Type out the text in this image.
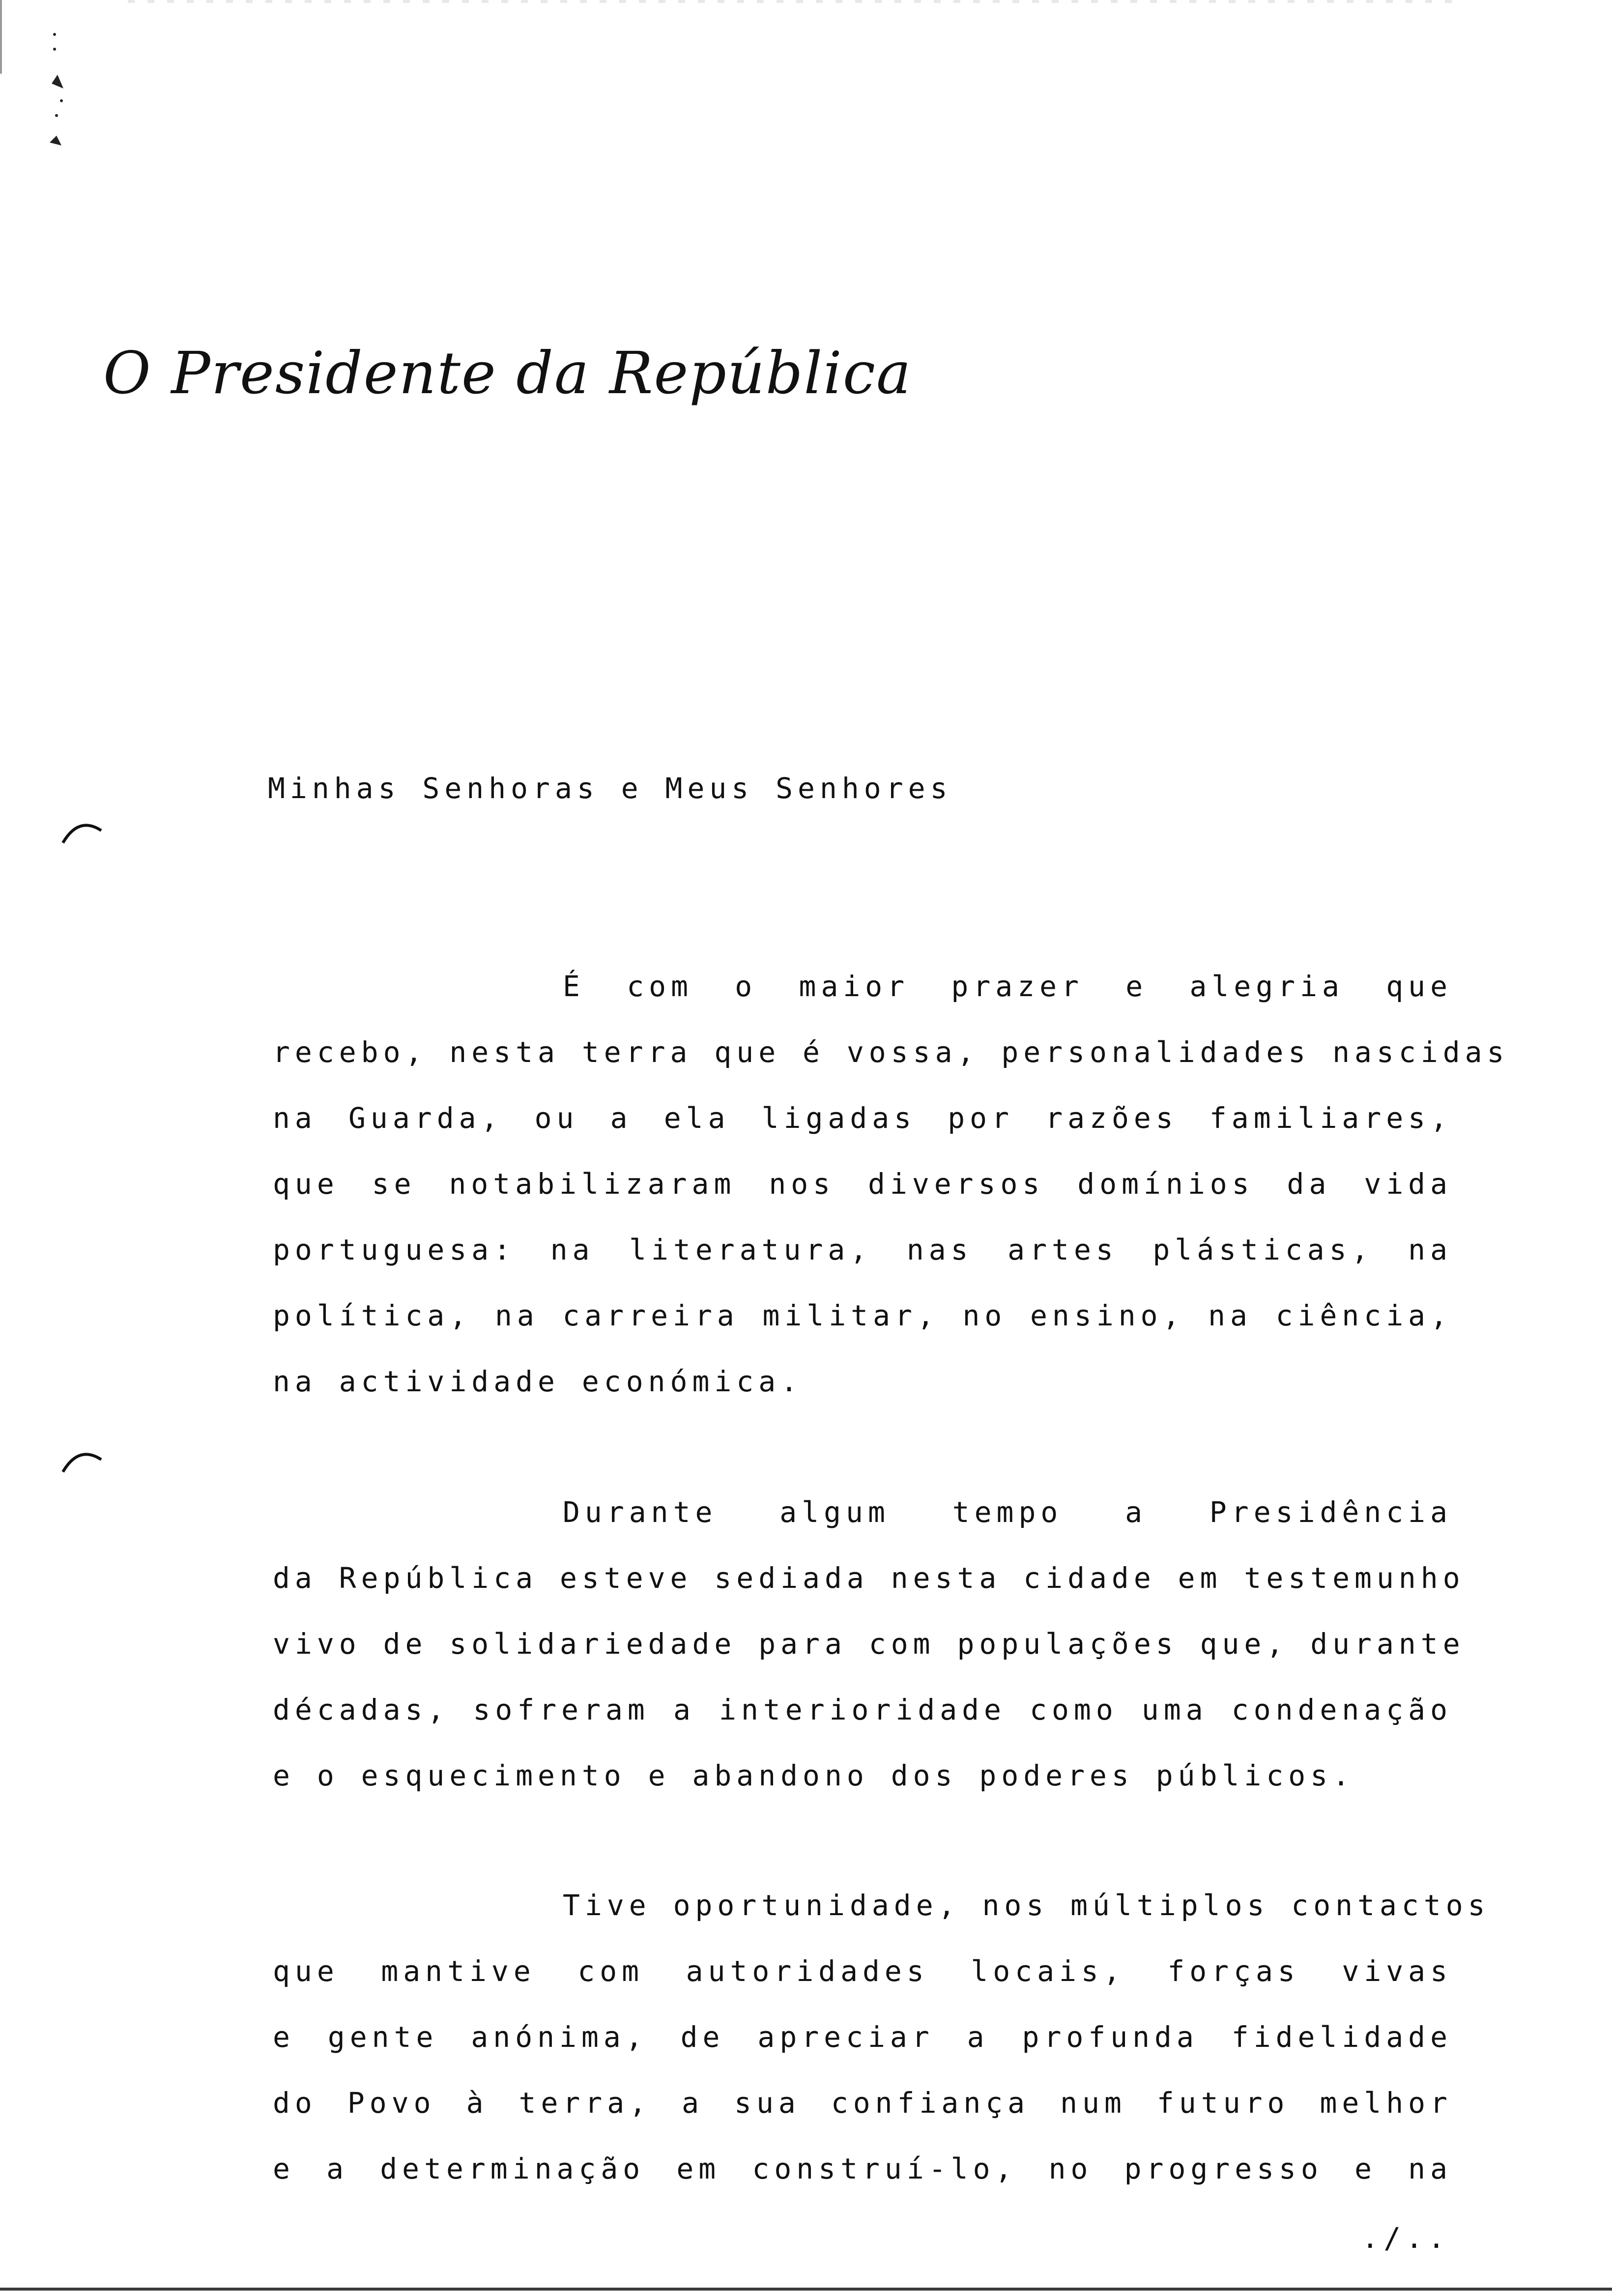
O Presidente da República
Minhas Senhoras e Meus Senhores
É com o maior prazer e alegria que
recebo, nesta terra que é vossa, personalidades nascidas
na Guarda, ou a ela ligadas por razões familiares,
que se notabilizaram nos diversos domínios da vida
portuguesa: na literatura, nas artes plásticas, na
política, na carreira militar, no ensino, na ciência,
na actividade económica.
Durante algum tempo a Presidência
da República esteve sediada nesta cidade em testemunho
vivo de solidariedade para com populações que, durante
décadas, sofreram a interioridade como uma condenação
e o esquecimento e abandono dos poderes públicos.
Tive oportunidade, nos múltiplos contactos
que mantive com autoridades locais, forças vivas
e gente anónima, de apreciar a profunda fidelidade
do Povo à terra, a sua confiança num futuro melhor
e a determinação em construí-lo, no progresso e na
./..
